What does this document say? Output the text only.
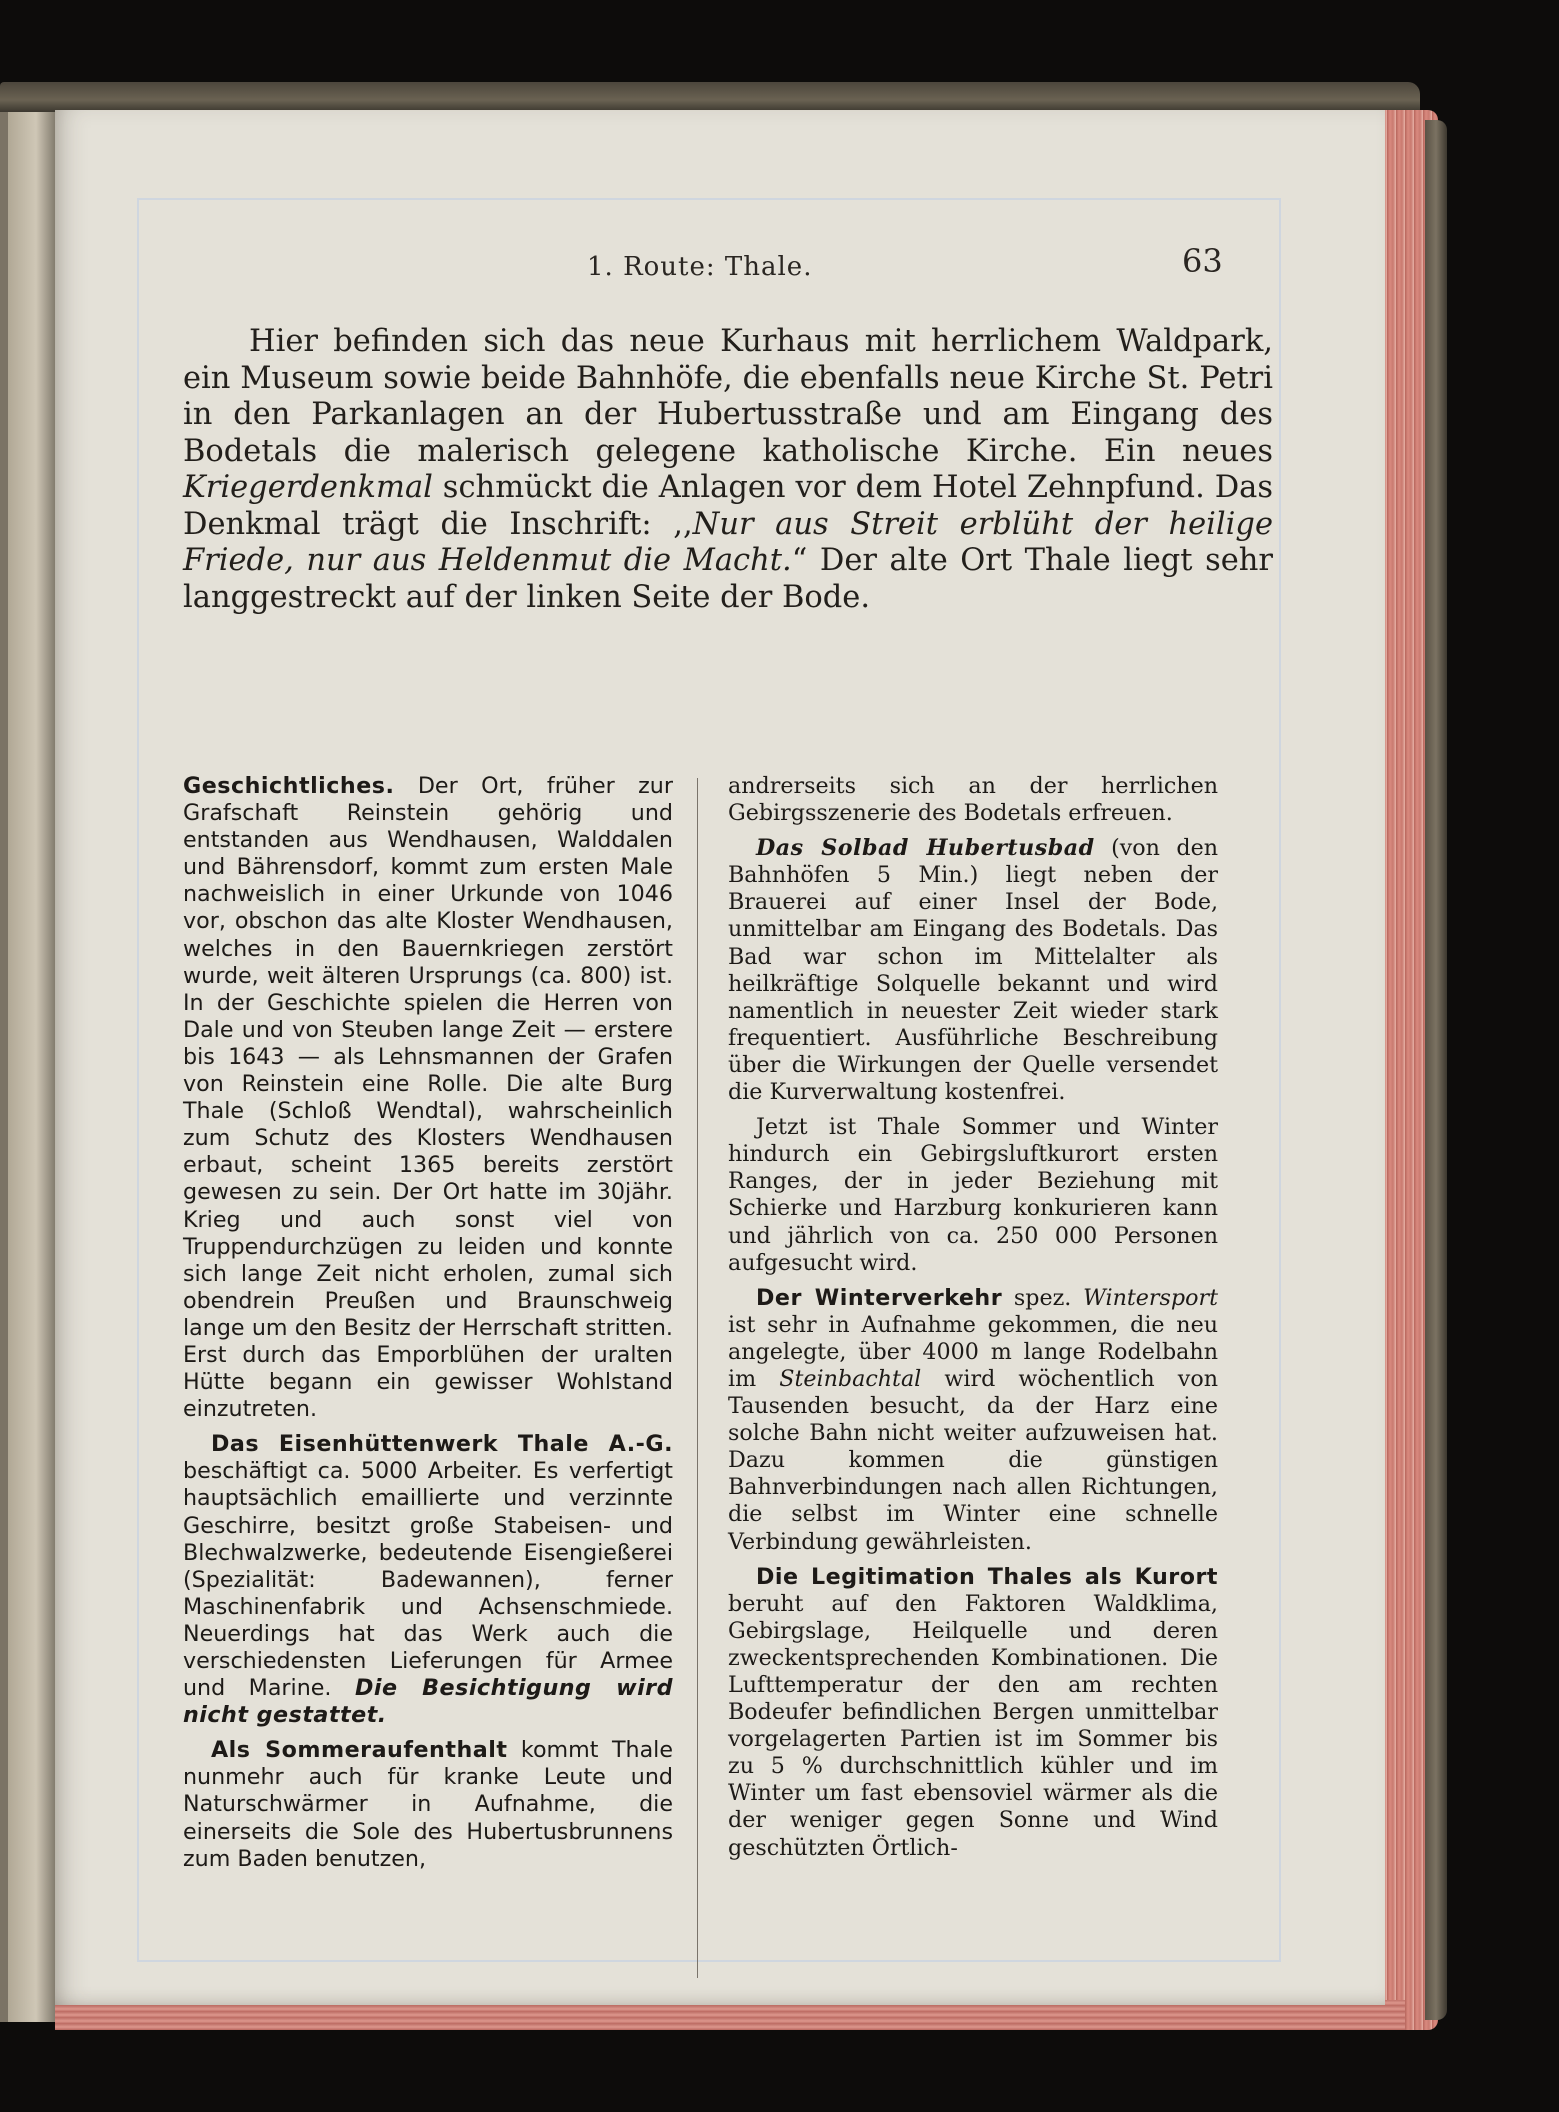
1. Route: Thale.	63
Hier befinden sich das neue Kurhaus mit herrlichem Waldpark, ein Museum sowie beide Bahnhöfe, die ebenfalls neue Kirche St. Petri in den Parkanlagen an der Hubertusstraße und am Eingang des Bodetals die malerisch gelegene katholische Kirche. Ein neues Kriegerdenkmal schmückt die Anlagen vor dem Hotel Zehnpfund. Das Denkmal trägt die Inschrift: ,,Nur aus Streit erblüht der heilige Friede, nur aus Heldenmut die Macht.“ Der alte Ort Thale liegt sehr langgestreckt auf der linken Seite der Bode.

Geschichtliches. Der Ort, früher zur Grafschaft Reinstein gehörig und entstanden aus Wendhausen, Walddalen und Bährensdorf, kommt zum ersten Male nachweislich in einer Urkunde von 1046 vor, obschon das alte Kloster Wendhausen, welches in den Bauernkriegen zerstört wurde, weit älteren Ursprungs (ca. 800) ist. In der Geschichte spielen die Herren von Dale und von Steuben lange Zeit — erstere bis 1643 — als Lehnsmannen der Grafen von Reinstein eine Rolle. Die alte Burg Thale (Schloß Wendtal), wahrscheinlich zum Schutz des Klosters Wendhausen erbaut, scheint 1365 bereits zerstört gewesen zu sein. Der Ort hatte im 30jähr. Krieg und auch sonst viel von Truppendurchzügen zu leiden und konnte sich lange Zeit nicht erholen, zumal sich obendrein Preußen und Braunschweig lange um den Besitz der Herrschaft stritten. Erst durch das Emporblühen der uralten Hütte begann ein gewisser Wohlstand einzutreten.

Das Eisenhüttenwerk Thale A.-G. beschäftigt ca. 5000 Arbeiter. Es verfertigt hauptsächlich emaillierte und verzinnte Geschirre, besitzt große Stabeisen- und Blechwalzwerke, bedeutende Eisengießerei (Spezialität: Badewannen), ferner Maschinenfabrik und Achsenschmiede. Neuerdings hat das Werk auch die verschiedensten Lieferungen für Armee und Marine. Die Besichtigung wird nicht gestattet.

Als Sommeraufenthalt kommt Thale nunmehr auch für kranke Leute und Naturschwärmer in Aufnahme, die einerseits die Sole des Hubertusbrunnens zum Baden benutzen,

andrerseits sich an der herrlichen Gebirgsszenerie des Bodetals erfreuen.

Das Solbad Hubertusbad (von den Bahnhöfen 5 Min.) liegt neben der Brauerei auf einer Insel der Bode, unmittelbar am Eingang des Bodetals. Das Bad war schon im Mittelalter als heilkräftige Solquelle bekannt und wird namentlich in neuester Zeit wieder stark frequentiert. Ausführliche Beschreibung über die Wirkungen der Quelle versendet die Kurverwaltung kostenfrei.

Jetzt ist Thale Sommer und Winter hindurch ein Gebirgsluftkurort ersten Ranges, der in jeder Beziehung mit Schierke und Harzburg konkurieren kann und jährlich von ca. 250 000 Personen aufgesucht wird.

Der Winterverkehr spez. Wintersport ist sehr in Aufnahme gekommen, die neu angelegte, über 4000 m lange Rodelbahn im Steinbachtal wird wöchentlich von Tausenden besucht, da der Harz eine solche Bahn nicht weiter aufzuweisen hat. Dazu kommen die günstigen Bahnverbindungen nach allen Richtungen, die selbst im Winter eine schnelle Verbindung gewährleisten.

Die Legitimation Thales als Kurort beruht auf den Faktoren Waldklima, Gebirgslage, Heilquelle und deren zweckentsprechenden Kombinationen. Die Lufttemperatur der den am rechten Bodeufer befindlichen Bergen unmittelbar vorgelagerten Partien ist im Sommer bis zu 5 % durchschnittlich kühler und im Winter um fast ebensoviel wärmer als die der weniger gegen Sonne und Wind geschützten Örtlich-
